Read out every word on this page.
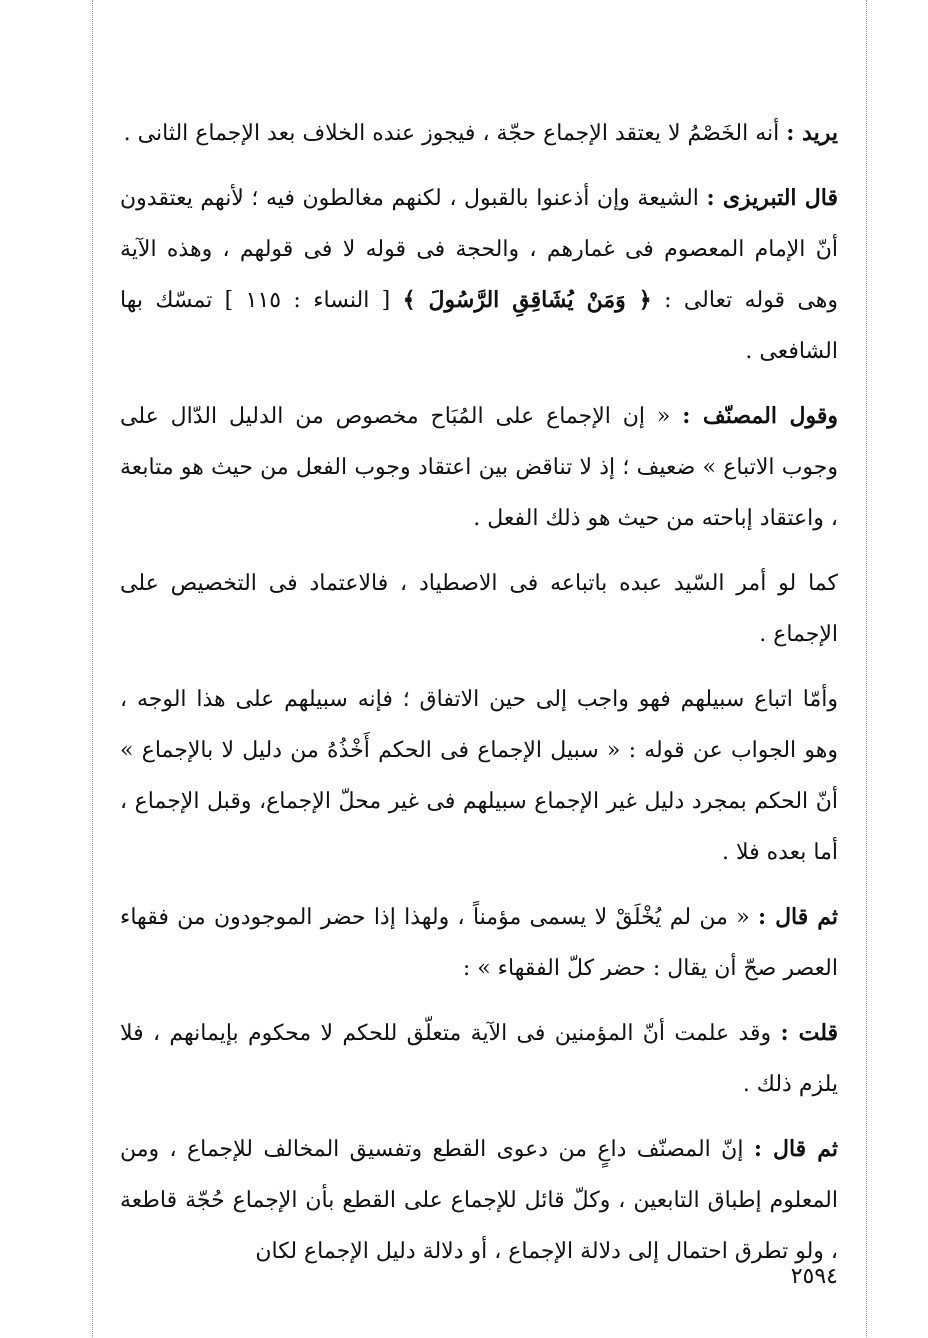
يريد : أنه الخَصْمُ لا يعتقد الإجماع حجّة ، فيجوز عنده الخلاف بعد الإجماع الثانى .

قال التبريزى : الشيعة وإن أذعنوا بالقبول ، لكنهم مغالطون فيه ؛ لأنهم يعتقدون أنّ الإمام المعصوم فى غمارهم ، والحجة فى قوله لا فى قولهم ، وهذه الآية وهى قوله تعالى : ﴿ وَمَنْ يُشَاقِقِ الرَّسُولَ ﴾ [ النساء : ١١٥ ] تمسّك بها الشافعى .

وقول المصنّف : « إن الإجماع على المُبَاح مخصوص من الدليل الدّال على وجوب الاتباع » ضعيف ؛ إذ لا تناقض بين اعتقاد وجوب الفعل من حيث هو متابعة ، واعتقاد إباحته من حيث هو ذلك الفعل .

كما لو أمر السّيد عبده باتباعه فى الاصطياد ، فالاعتماد فى التخصيص على الإجماع .

وأمّا اتباع سبيلهم فهو واجب إلى حين الاتفاق ؛ فإنه سبيلهم على هذا الوجه ، وهو الجواب عن قوله : « سبيل الإجماع فى الحكم أَخْذُهُ من دليل لا بالإجماع » أنّ الحكم بمجرد دليل غير الإجماع سبيلهم فى غير محلّ الإجماع، وقبل الإجماع ، أما بعده فلا .

ثم قال : « من لم يُخْلَقْ لا يسمى مؤمناً ، ولهذا إذا حضر الموجودون من فقهاء العصر صحّ أن يقال : حضر كلّ الفقهاء » :

قلت : وقد علمت أنّ المؤمنين فى الآية متعلّق للحكم لا محكوم بإيمانهم ، فلا يلزم ذلك .

ثم قال : إنّ المصنّف داعٍ من دعوى القطع وتفسيق المخالف للإجماع ، ومن المعلوم إطباق التابعين ، وكلّ قائل للإجماع على القطع بأن الإجماع حُجّة قاطعة ، ولو تطرق احتمال إلى دلالة الإجماع ، أو دلالة دليل الإجماع لكان

٢٥٩٤
